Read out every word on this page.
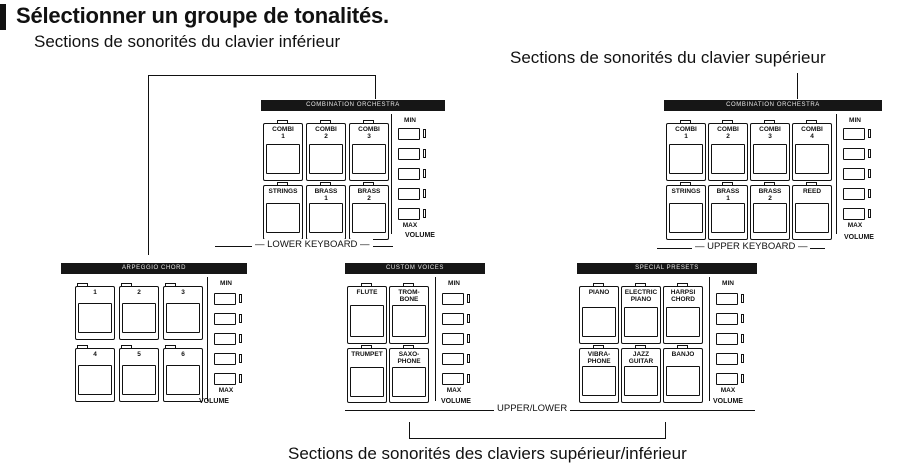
Sélectionner un groupe de tonalités.
Sections de sonorités du clavier inférieur
Sections de sonorités du clavier supérieur
Sections de sonorités des claviers supérieur/inférieur
COMBINATION ORCHESTRA
COMBI
1
COMBI
2
COMBI
3
STRINGS	BRASS
1
BRASS
2
MIN
MAX
VOLUME
— LOWER KEYBOARD —
COMBINATION ORCHESTRA
COMBI
1
COMBI
2
COMBI
3
COMBI
4
STRINGS	BRASS
1
BRASS
2
REED
MIN
MAX
VOLUME
— UPPER KEYBOARD —
ARPEGGIO CHORD
1	2	3
4	5	6
MIN
MAX
VOLUME
CUSTOM VOICES
FLUTE	TROM-
BONE
TRUMPET	SAXO-
PHONE
MIN
MAX
VOLUME
SPECIAL PRESETS
PIANO	ELECTRIC
PIANO
HARPSI
CHORD
VIBRA-
PHONE
JAZZ
GUITAR
BANJO
MIN
MAX
VOLUME
UPPER/LOWER
